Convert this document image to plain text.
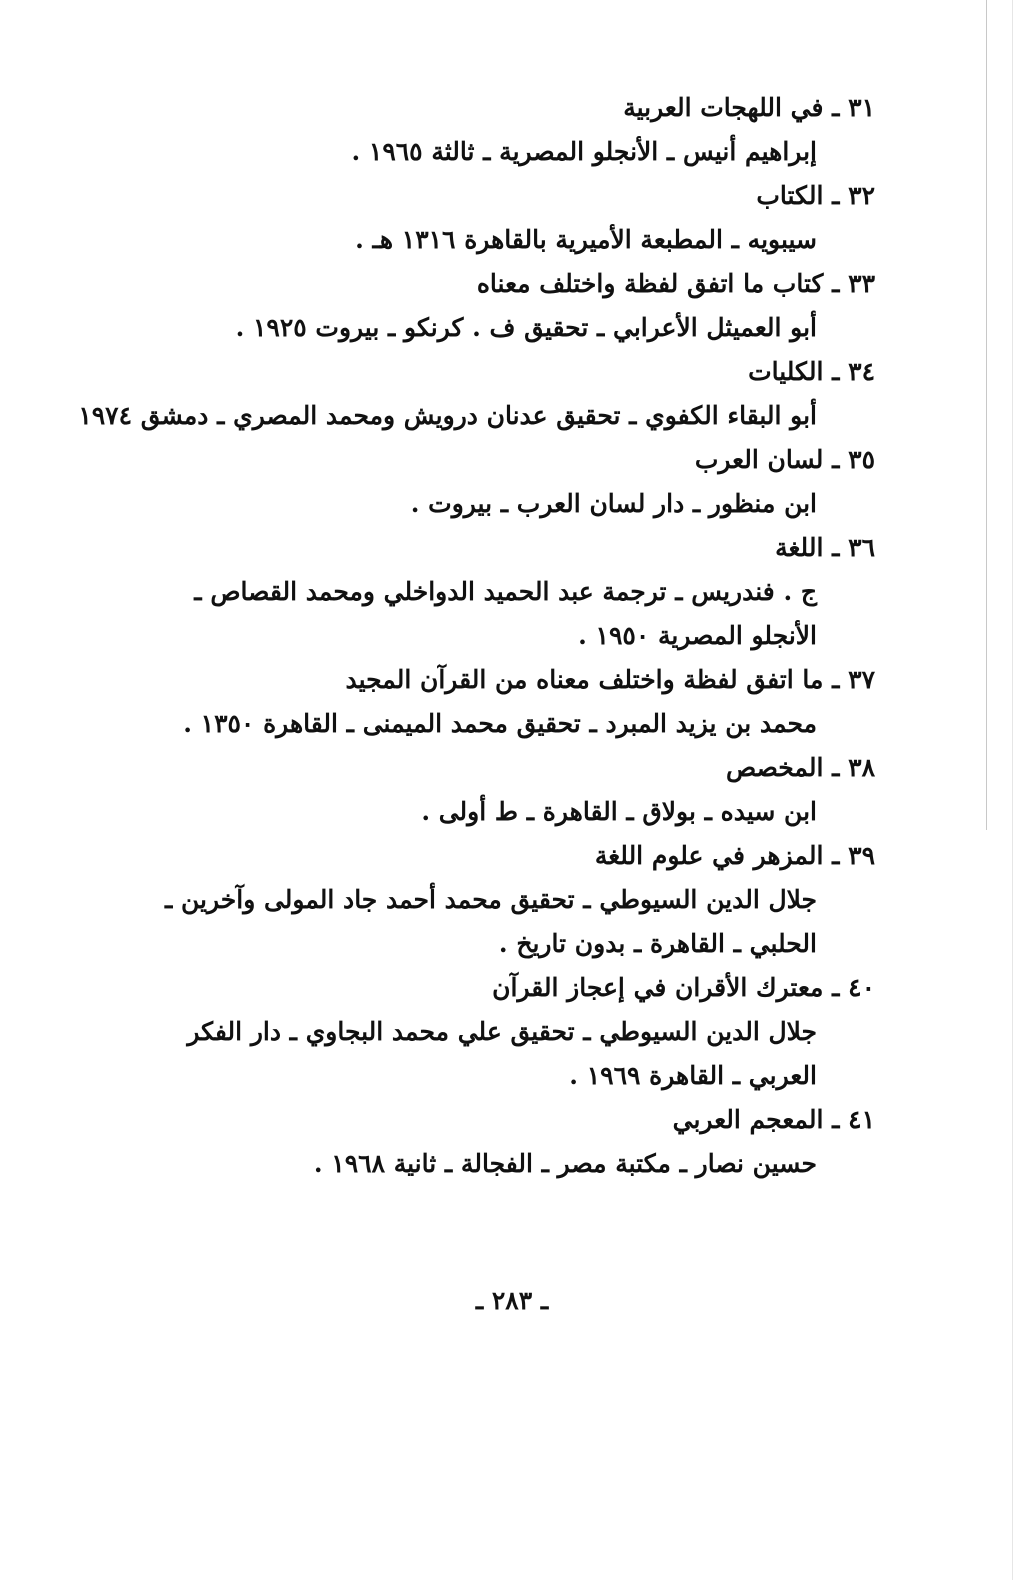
٣١ ـ في اللهجات العربية
إبراهيم أنيس ـ الأنجلو المصرية ـ ثالثة ١٩٦٥ .
٣٢ ـ الكتاب
سيبويه ـ المطبعة الأميرية بالقاهرة ١٣١٦ هـ .
٣٣ ـ كتاب ما اتفق لفظة واختلف معناه
أبو العميثل الأعرابي ـ تحقيق ف . كرنكو ـ بيروت ١٩٢٥ .
٣٤ ـ الكليات
أبو البقاء الكفوي ـ تحقيق عدنان درويش ومحمد المصري ـ دمشق ١٩٧٤
٣٥ ـ لسان العرب
ابن منظور ـ دار لسان العرب ـ بيروت .
٣٦ ـ اللغة
ج . فندريس ـ ترجمة عبد الحميد الدواخلي ومحمد القصاص ـ الأنجلو المصرية ١٩٥٠ .
٣٧ ـ ما اتفق لفظة واختلف معناه من القرآن المجيد
محمد بن يزيد المبرد ـ تحقيق محمد الميمنى ـ القاهرة ١٣٥٠ .
٣٨ ـ المخصص
ابن سيده ـ بولاق ـ القاهرة ـ ط أولى .
٣٩ ـ المزهر في علوم اللغة
جلال الدين السيوطي ـ تحقيق محمد أحمد جاد المولى وآخرين ـ الحلبي ـ القاهرة ـ بدون تاريخ .
٤٠ ـ معترك الأقران في إعجاز القرآن
جلال الدين السيوطي ـ تحقيق علي محمد البجاوي ـ دار الفكر العربي ـ القاهرة ١٩٦٩ .
٤١ ـ المعجم العربي
حسين نصار ـ مكتبة مصر ـ الفجالة ـ ثانية ١٩٦٨ .
ـ ٢٨٣ ـ
